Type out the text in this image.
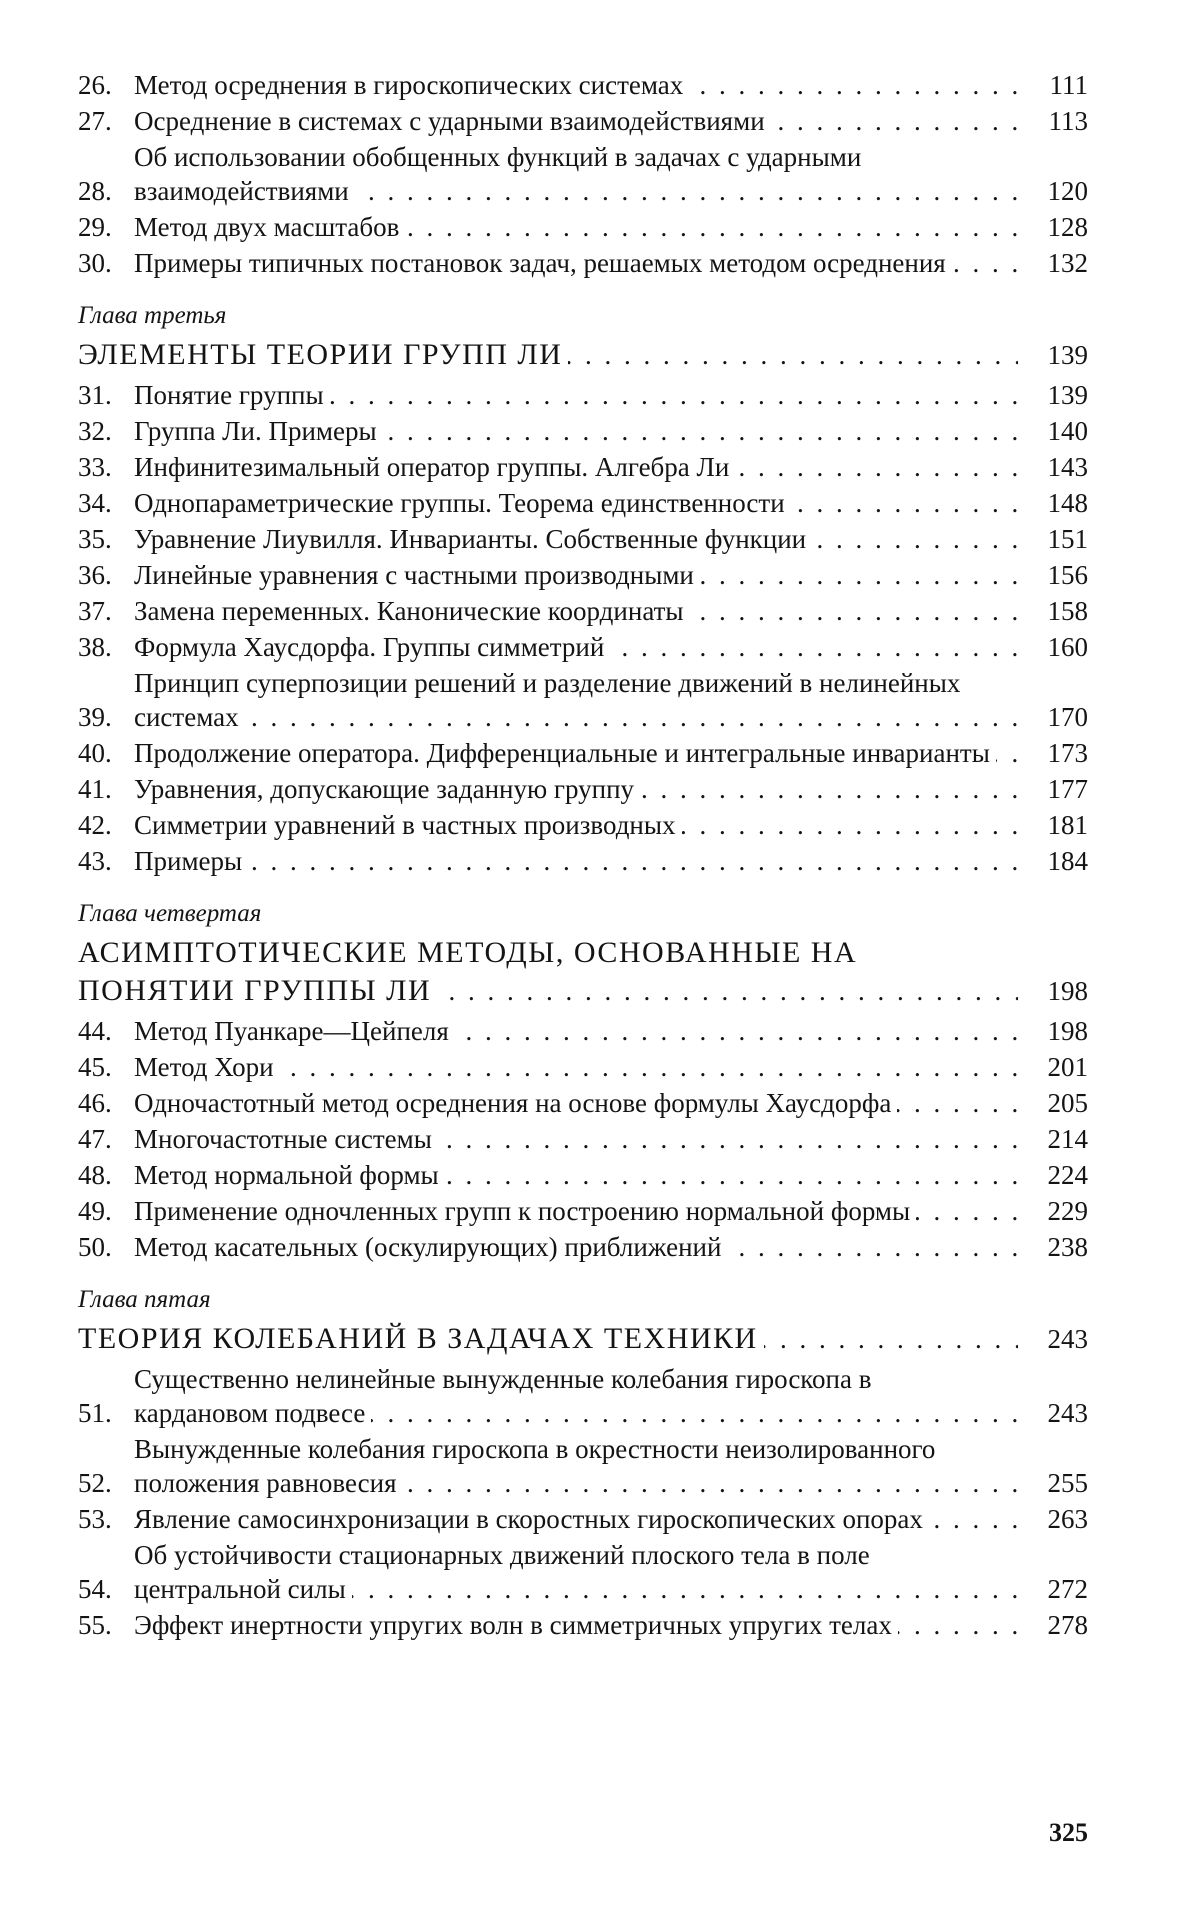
26. Метод осреднения в гироскопических системах . . .	111
27. Осреднение в системах с ударными взаимодействиями . . .	113
28.
Об использовании обобщенных функций в задачах с ударными взаимодействиями . . .	120
29. Метод двух масштабов . . .	128
30. Примеры типичных постановок задач, решаемых методом осреднения . . .	132
Глава третья
ЭЛЕМЕНТЫ ТЕОРИИ ГРУПП ЛИ . . .	139
31. Понятие группы . . .	139
32. Группа Ли. Примеры . . .	140
33. Инфинитезимальный оператор группы. Алгебра Ли . . .	143
34. Однопараметрические группы. Теорема единственности . . .	148
35. Уравнение Лиувилля. Инварианты. Собственные функции . . .	151
36. Линейные уравнения с частными производными . . .	156
37. Замена переменных. Канонические координаты . . .	158
38. Формула Хаусдорфа. Группы симметрий . . .	160
39.
Принцип суперпозиции решений и разделение движений в нелинейных системах . . .	170
40. Продолжение оператора. Дифференциальные и интегральные инварианты . . .	173
41. Уравнения, допускающие заданную группу . . .	177
42. Симметрии уравнений в частных производных . . .	181
43. Примеры . . .	184
Глава четвертая
АСИМПТОТИЧЕСКИЕ МЕТОДЫ, ОСНОВАННЫЕ НА ПОНЯТИИ ГРУППЫ ЛИ . . .	198
44. Метод Пуанкаре—Цейпеля . . .	198
45. Метод Хори . . .	201
46. Одночастотный метод осреднения на основе формулы Хаусдорфа . . .	205
47. Многочастотные системы . . .	214
48. Метод нормальной формы . . .	224
49. Применение одночленных групп к построению нормальной формы . . .	229
50. Метод касательных (оскулирующих) приближений . . .	238
Глава пятая
ТЕОРИЯ КОЛЕБАНИЙ В ЗАДАЧАХ ТЕХНИКИ . . .	243
51.
Существенно нелинейные вынужденные колебания гироскопа в кардановом подвесе . . .	243
52.
Вынужденные колебания гироскопа в окрестности неизолированного положения равновесия . . .	255
53. Явление самосинхронизации в скоростных гироскопических опорах . . .	263
54.
Об устойчивости стационарных движений плоского тела в поле центральной силы . . .	272
55. Эффект инертности упругих волн в симметричных упругих телах . . .	278
325
